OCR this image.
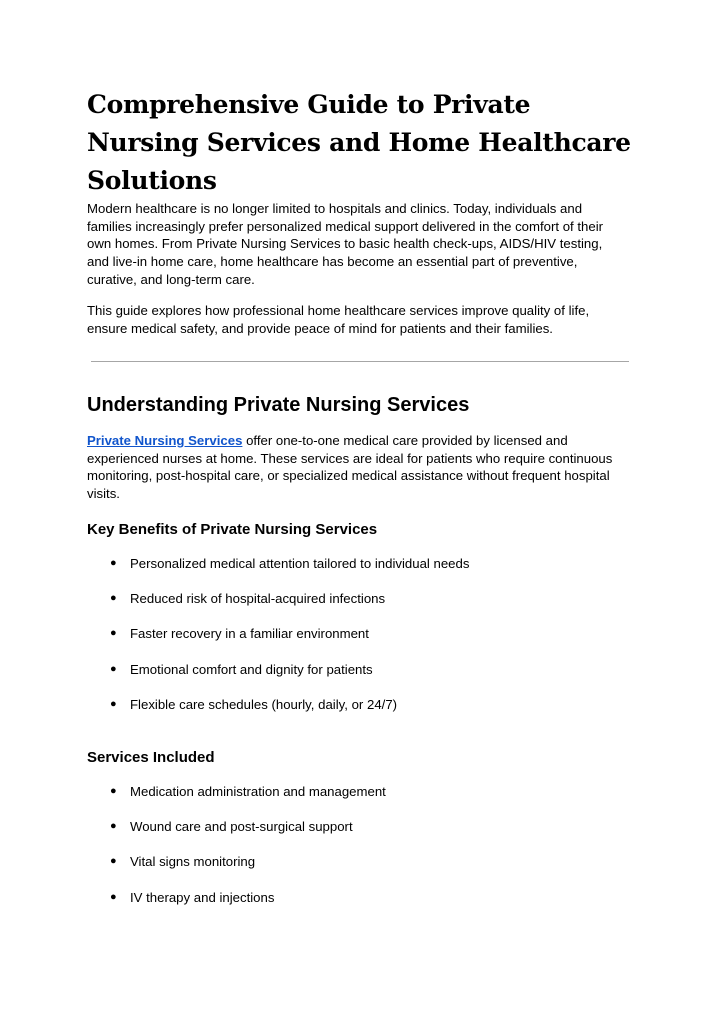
Comprehensive Guide to Private Nursing Services and Home Healthcare Solutions

Modern healthcare is no longer limited to hospitals and clinics. Today, individuals and families increasingly prefer personalized medical support delivered in the comfort of their own homes. From Private Nursing Services to basic health check-ups, AIDS/HIV testing, and live-in home care, home healthcare has become an essential part of preventive, curative, and long-term care.

This guide explores how professional home healthcare services improve quality of life, ensure medical safety, and provide peace of mind for patients and their families.

Understanding Private Nursing Services

Private Nursing Services offer one-to-one medical care provided by licensed and experienced nurses at home. These services are ideal for patients who require continuous monitoring, post-hospital care, or specialized medical assistance without frequent hospital visits.

Key Benefits of Private Nursing Services
● Personalized medical attention tailored to individual needs
● Reduced risk of hospital-acquired infections
● Faster recovery in a familiar environment
● Emotional comfort and dignity for patients
● Flexible care schedules (hourly, daily, or 24/7)
Services Included
● Medication administration and management
● Wound care and post-surgical support
● Vital signs monitoring
● IV therapy and injections
